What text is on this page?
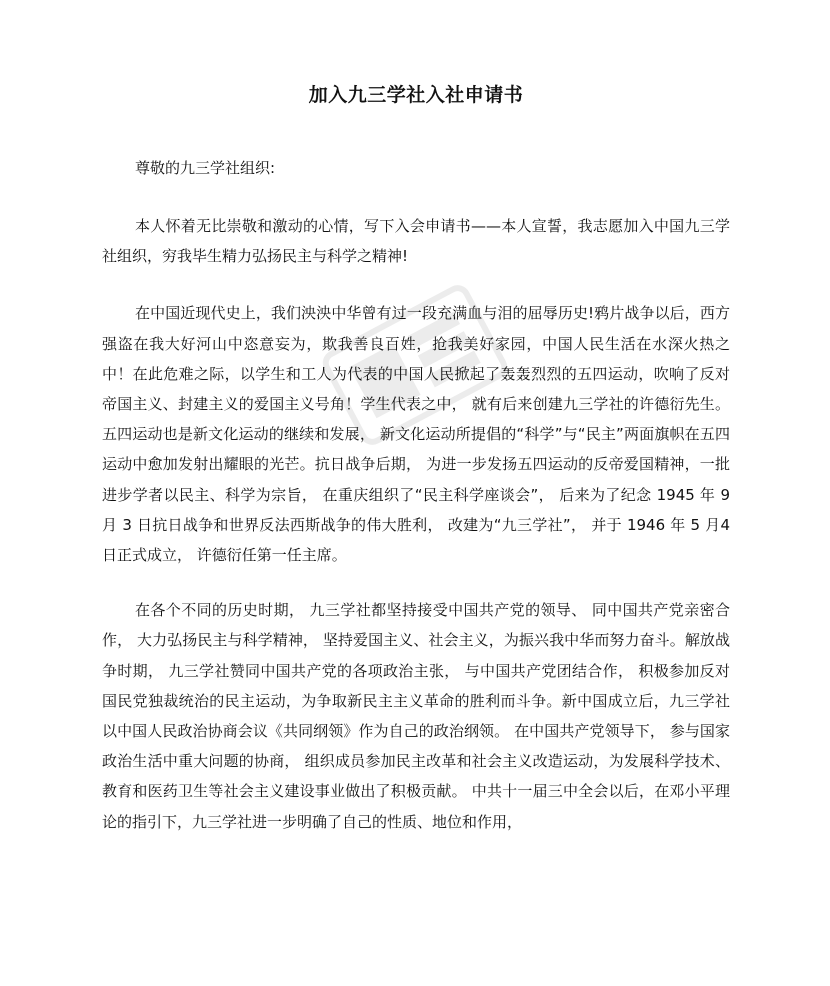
加入九三学社入社申请书

尊敬的九三学社组织:

本人怀着无比崇敬和激动的心情，写下入会申请书——本人宣誓，我志愿加入中国九三学社组织，穷我毕生精力弘扬民主与科学之精神!

在中国近现代史上，我们泱泱中华曾有过一段充满血与泪的屈辱历史!鸦片战争以后，西方强盗在我大好河山中恣意妄为，欺我善良百姓，抢我美好家园，中国人民生活在水深火热之中！在此危难之际，以学生和工人为代表的中国人民掀起了轰轰烈烈的五四运动，吹响了反对帝国主义、封建主义的爱国主义号角！学生代表之中， 就有后来创建九三学社的许德衍先生。五四运动也是新文化运动的继续和发展， 新文化运动所提倡的“科学”与“民主”两面旗帜在五四运动中愈加发射出耀眼的光芒。抗日战争后期， 为进一步发扬五四运动的反帝爱国精神，一批进步学者以民主、科学为宗旨， 在重庆组织了“民主科学座谈会”， 后来为了纪念 1945 年 9 月 3 日抗日战争和世界反法西斯战争的伟大胜利， 改建为“九三学社”， 并于 1946 年 5 月4 日正式成立， 许德衍任第一任主席。

在各个不同的历史时期， 九三学社都坚持接受中国共产党的领导、 同中国共产党亲密合作， 大力弘扬民主与科学精神， 坚持爱国主义、社会主义，为振兴我中华而努力奋斗。解放战争时期， 九三学社赞同中国共产党的各项政治主张， 与中国共产党团结合作， 积极参加反对国民党独裁统治的民主运动，为争取新民主主义革命的胜利而斗争。新中国成立后，九三学社以中国人民政治协商会议《共同纲领》作为自己的政治纲领。 在中国共产党领导下， 参与国家政治生活中重大问题的协商， 组织成员参加民主改革和社会主义改造运动，为发展科学技术、教育和医药卫生等社会主义建设事业做出了积极贡献。 中共十一届三中全会以后，在邓小平理论的指引下，九三学社进一步明确了自己的性质、地位和作用，
